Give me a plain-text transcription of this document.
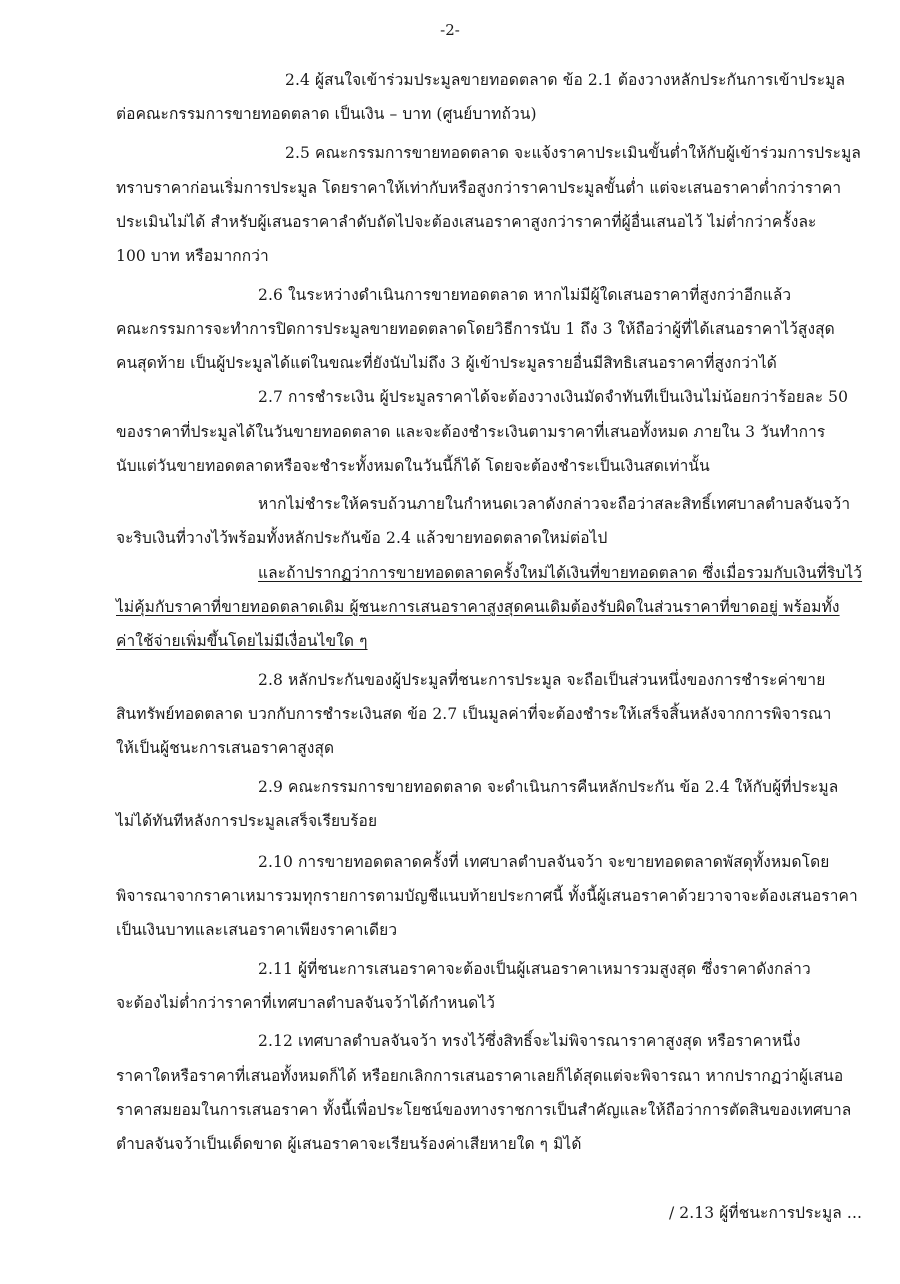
-2-
2.4 ผู้สนใจเข้าร่วมประมูลขายทอดตลาด ข้อ 2.1 ต้องวางหลักประกันการเข้าประมูล
ต่อคณะกรรมการขายทอดตลาด เป็นเงิน – บาท (ศูนย์บาทถ้วน)
2.5 คณะกรรมการขายทอดตลาด จะแจ้งราคาประเมินขั้นต่ำให้กับผู้เข้าร่วมการประมูล
ทราบราคาก่อนเริ่มการประมูล โดยราคาให้เท่ากับหรือสูงกว่าราคาประมูลขั้นต่ำ แต่จะเสนอราคาต่ำกว่าราคา
ประเมินไม่ได้ สำหรับผู้เสนอราคาลำดับถัดไปจะต้องเสนอราคาสูงกว่าราคาที่ผู้อื่นเสนอไว้ ไม่ต่ำกว่าครั้งละ
100 บาท หรือมากกว่า
2.6 ในระหว่างดำเนินการขายทอดตลาด หากไม่มีผู้ใดเสนอราคาที่สูงกว่าอีกแล้ว
คณะกรรมการจะทำการปิดการประมูลขายทอดตลาดโดยวิธีการนับ 1 ถึง 3 ให้ถือว่าผู้ที่ได้เสนอราคาไว้สูงสุด
คนสุดท้าย เป็นผู้ประมูลได้แต่ในขณะที่ยังนับไม่ถึง 3 ผู้เข้าประมูลรายอื่นมีสิทธิเสนอราคาที่สูงกว่าได้
2.7 การชำระเงิน ผู้ประมูลราคาได้จะต้องวางเงินมัดจำทันทีเป็นเงินไม่น้อยกว่าร้อยละ 50
ของราคาที่ประมูลได้ในวันขายทอดตลาด และจะต้องชำระเงินตามราคาที่เสนอทั้งหมด ภายใน 3 วันทำการ
นับแต่วันขายทอดตลาดหรือจะชำระทั้งหมดในวันนี้ก็ได้ โดยจะต้องชำระเป็นเงินสดเท่านั้น
หากไม่ชำระให้ครบถ้วนภายในกำหนดเวลาดังกล่าวจะถือว่าสละสิทธิ์เทศบาลตำบลจันจว้า
จะริบเงินที่วางไว้พร้อมทั้งหลักประกันข้อ 2.4 แล้วขายทอดตลาดใหม่ต่อไป
และถ้าปรากฏว่าการขายทอดตลาดครั้งใหม่ได้เงินที่ขายทอดตลาด ซึ่งเมื่อรวมกับเงินที่ริบไว้
ไม่คุ้มกับราคาที่ขายทอดตลาดเดิม ผู้ชนะการเสนอราคาสูงสุดคนเดิมต้องรับผิดในส่วนราคาที่ขาดอยู่ พร้อมทั้ง
ค่าใช้จ่ายเพิ่มขึ้นโดยไม่มีเงื่อนไขใด ๆ
2.8 หลักประกันของผู้ประมูลที่ชนะการประมูล จะถือเป็นส่วนหนึ่งของการชำระค่าขาย
สินทรัพย์ทอดตลาด บวกกับการชำระเงินสด ข้อ 2.7 เป็นมูลค่าที่จะต้องชำระให้เสร็จสิ้นหลังจากการพิจารณา
ให้เป็นผู้ชนะการเสนอราคาสูงสุด
2.9 คณะกรรมการขายทอดตลาด จะดำเนินการคืนหลักประกัน ข้อ 2.4 ให้กับผู้ที่ประมูล
ไม่ได้ทันทีหลังการประมูลเสร็จเรียบร้อย
2.10 การขายทอดตลาดครั้งที่ เทศบาลตำบลจันจว้า จะขายทอดตลาดพัสดุทั้งหมดโดย
พิจารณาจากราคาเหมารวมทุกรายการตามบัญชีแนบท้ายประกาศนี้ ทั้งนี้ผู้เสนอราคาด้วยวาจาจะต้องเสนอราคา
เป็นเงินบาทและเสนอราคาเพียงราคาเดียว
2.11 ผู้ที่ชนะการเสนอราคาจะต้องเป็นผู้เสนอราคาเหมารวมสูงสุด ซึ่งราคาดังกล่าว
จะต้องไม่ต่ำกว่าราคาที่เทศบาลตำบลจันจว้าได้กำหนดไว้
2.12 เทศบาลตำบลจันจว้า ทรงไว้ซึ่งสิทธิ์จะไม่พิจารณาราคาสูงสุด หรือราคาหนึ่ง
ราคาใดหรือราคาที่เสนอทั้งหมดก็ได้ หรือยกเลิกการเสนอราคาเลยก็ได้สุดแต่จะพิจารณา หากปรากฏว่าผู้เสนอ
ราคาสมยอมในการเสนอราคา ทั้งนี้เพื่อประโยชน์ของทางราชการเป็นสำคัญและให้ถือว่าการตัดสินของเทศบาล
ตำบลจันจว้าเป็นเด็ดขาด ผู้เสนอราคาจะเรียนร้องค่าเสียหายใด ๆ มิได้
/ 2.13 ผู้ที่ชนะการประมูล ...
